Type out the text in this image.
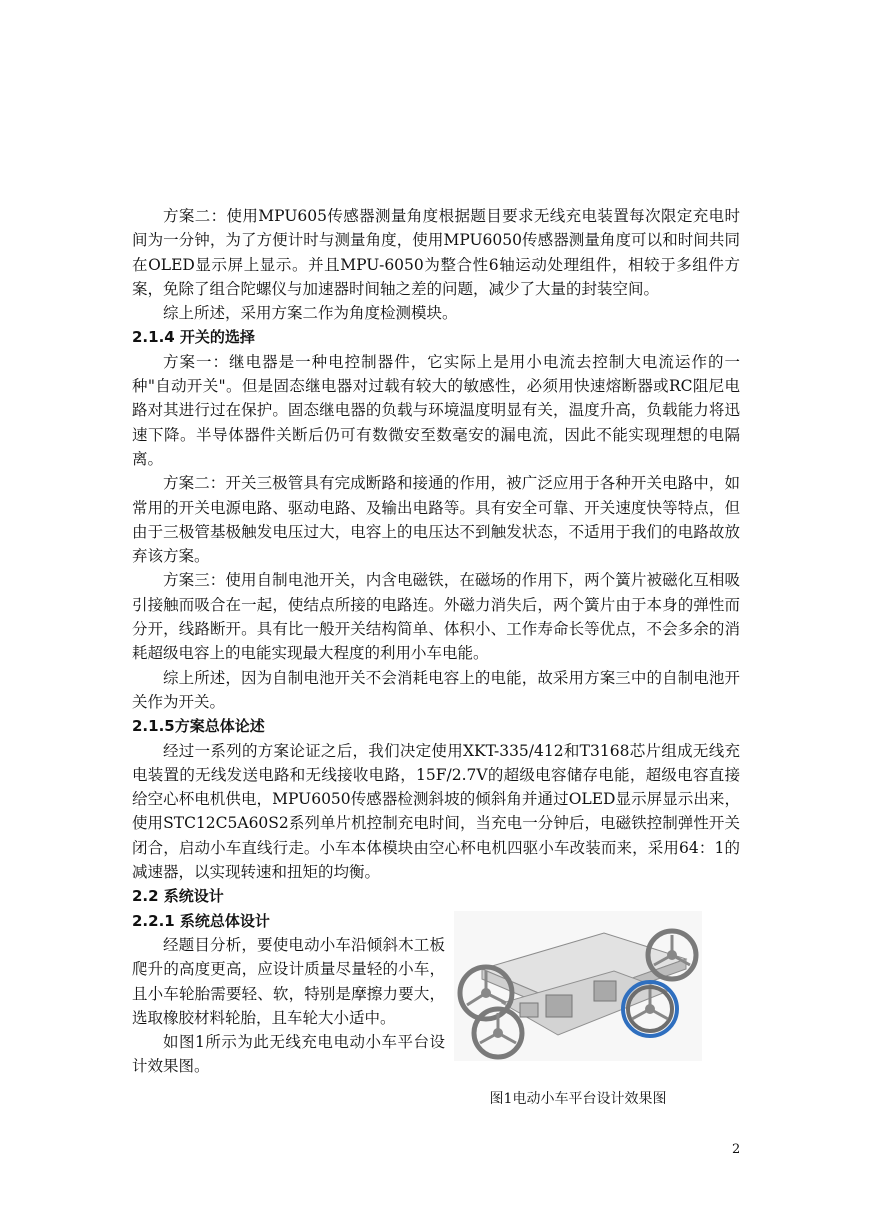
方案二：使用MPU605传感器测量角度根据题目要求无线充电装置每次限定充电时间为一分钟，为了方便计时与测量角度，使用MPU6050传感器测量角度可以和时间共同在OLED显示屏上显示。并且MPU-6050为整合性6轴运动处理组件，相较于多组件方案，免除了组合陀螺仪与加速器时间轴之差的问题，减少了大量的封装空间。

综上所述，采用方案二作为角度检测模块。

2.1.4 开关的选择

方案一：继电器是一种电控制器件，它实际上是用小电流去控制大电流运作的一种"自动开关"。但是固态继电器对过载有较大的敏感性，必须用快速熔断器或RC阻尼电路对其进行过在保护。固态继电器的负载与环境温度明显有关，温度升高，负载能力将迅速下降。半导体器件关断后仍可有数微安至数毫安的漏电流，因此不能实现理想的电隔离。

方案二：开关三极管具有完成断路和接通的作用，被广泛应用于各种开关电路中，如常用的开关电源电路、驱动电路、及输出电路等。具有安全可靠、开关速度快等特点，但由于三极管基极触发电压过大，电容上的电压达不到触发状态，不适用于我们的电路故放弃该方案。

方案三：使用自制电池开关，内含电磁铁，在磁场的作用下，两个簧片被磁化互相吸引接触而吸合在一起，使结点所接的电路连。外磁力消失后，两个簧片由于本身的弹性而分开，线路断开。具有比一般开关结构简单、体积小、工作寿命长等优点，不会多余的消耗超级电容上的电能实现最大程度的利用小车电能。

综上所述，因为自制电池开关不会消耗电容上的电能，故采用方案三中的自制电池开关作为开关。

2.1.5方案总体论述

经过一系列的方案论证之后，我们决定使用XKT-335/412和T3168芯片组成无线充电装置的无线发送电路和无线接收电路，15F/2.7V的超级电容储存电能，超级电容直接给空心杯电机供电，MPU6050传感器检测斜坡的倾斜角并通过OLED显示屏显示出来，使用STC12C5A60S2系列单片机控制充电时间，当充电一分钟后，电磁铁控制弹性开关闭合，启动小车直线行走。小车本体模块由空心杯电机四驱小车改装而来，采用64：1的减速器，以实现转速和扭矩的均衡。

2.2 系统设计

2.2.1 系统总体设计

经题目分析，要使电动小车沿倾斜木工板爬升的高度更高，应设计质量尽量轻的小车，且小车轮胎需要轻、软，特别是摩擦力要大，选取橡胶材料轮胎，且车轮大小适中。

如图1所示为此无线充电电动小车平台设计效果图。

图1电动小车平台设计效果图
2
